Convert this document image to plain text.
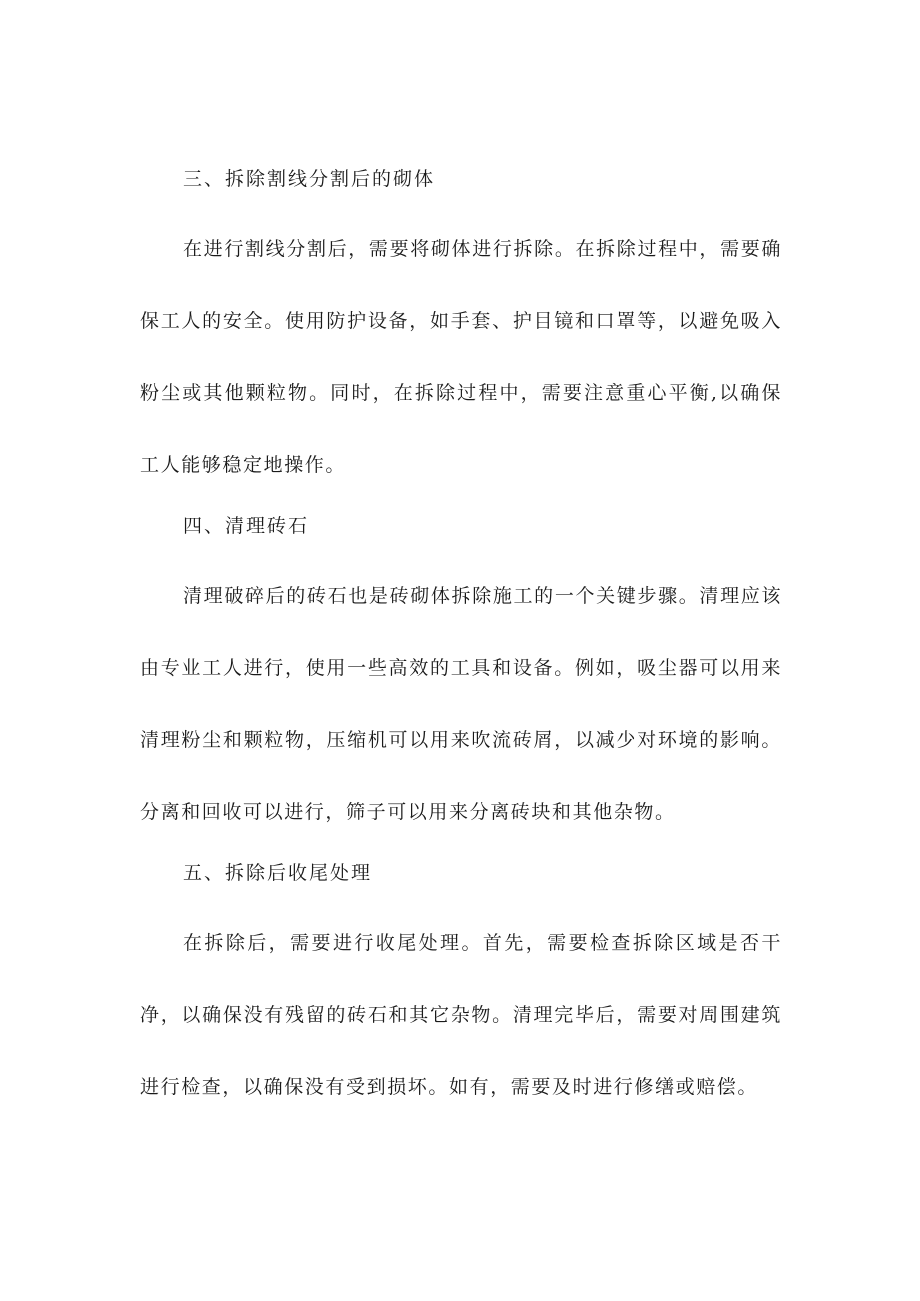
三、拆除割线分割后的砌体

在进行割线分割后，需要将砌体进行拆除。在拆除过程中，需要确保工人的安全。使用防护设备，如手套、护目镜和口罩等，以避免吸入粉尘或其他颗粒物。同时，在拆除过程中，需要注意重心平衡,以确保工人能够稳定地操作。

四、清理砖石

清理破碎后的砖石也是砖砌体拆除施工的一个关键步骤。清理应该由专业工人进行，使用一些高效的工具和设备。例如，吸尘器可以用来清理粉尘和颗粒物，压缩机可以用来吹流砖屑，以减少对环境的影响。分离和回收可以进行，筛子可以用来分离砖块和其他杂物。

五、拆除后收尾处理

在拆除后，需要进行收尾处理。首先，需要检查拆除区域是否干净，以确保没有残留的砖石和其它杂物。清理完毕后，需要对周围建筑进行检查，以确保没有受到损坏。如有，需要及时进行修缮或赔偿。
